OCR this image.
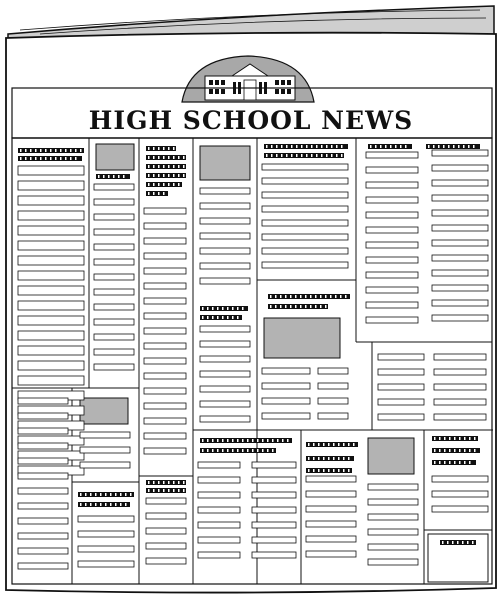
HIGH SCHOOL NEWS
